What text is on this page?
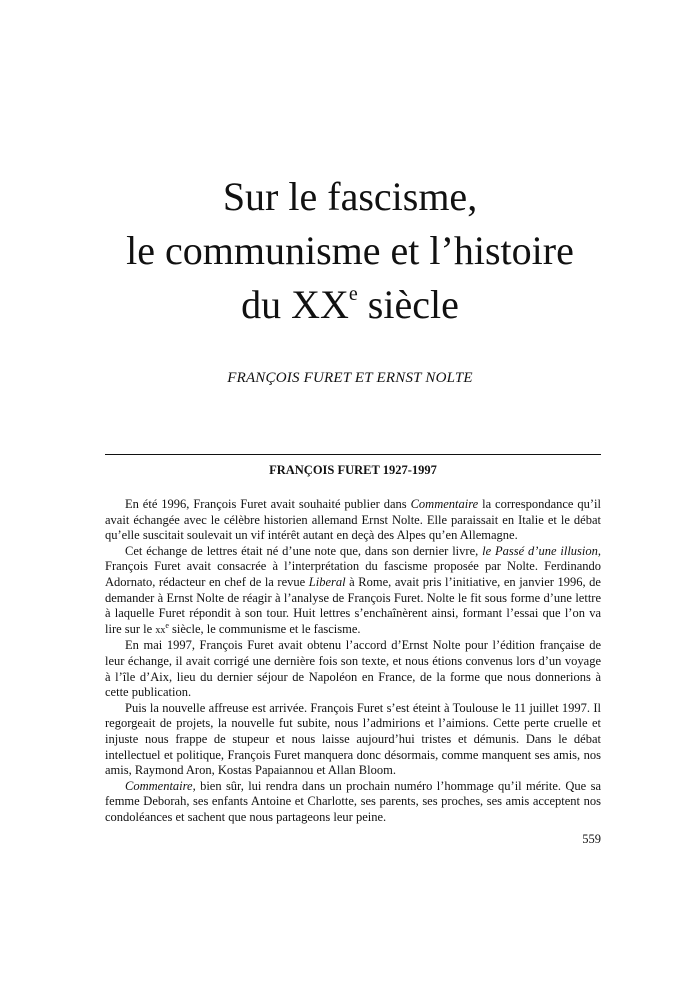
Sur le fascisme,
le communisme et l’histoire
du XXe siècle

FRANÇOIS FURET ET ERNST NOLTE

FRANÇOIS FURET 1927-1997

En été 1996, François Furet avait souhaité publier dans Commentaire la correspondance qu’il avait échangée avec le célèbre historien allemand Ernst Nolte. Elle paraissait en Italie et le débat qu’elle suscitait soulevait un vif intérêt autant en deçà des Alpes qu’en Allemagne.

Cet échange de lettres était né d’une note que, dans son dernier livre, le Passé d’une illusion, François Furet avait consacrée à l’interprétation du fascisme proposée par Nolte. Ferdinando Adornato, rédacteur en chef de la revue Liberal à Rome, avait pris l’initiative, en janvier 1996, de demander à Ernst Nolte de réagir à l’analyse de François Furet. Nolte le fit sous forme d’une lettre à laquelle Furet répondit à son tour. Huit lettres s’enchaînèrent ainsi, formant l’essai que l’on va lire sur le $xx^e$ siècle, le communisme et le fascisme.

En mai 1997, François Furet avait obtenu l’accord d’Ernst Nolte pour l’édition française de leur échange, il avait corrigé une dernière fois son texte, et nous étions convenus lors d’un voyage à l’île d’Aix, lieu du dernier séjour de Napoléon en France, de la forme que nous donnerions à cette publication.

Puis la nouvelle affreuse est arrivée. François Furet s’est éteint à Toulouse le 11 juillet 1997. Il regorgeait de projets, la nouvelle fut subite, nous l’admirions et l’aimions. Cette perte cruelle et injuste nous frappe de stupeur et nous laisse aujourd’hui tristes et démunis. Dans le débat intellectuel et politique, François Furet manquera donc désormais, comme manquent ses amis, nos amis, Raymond Aron, Kostas Papaiannou et Allan Bloom.

Commentaire, bien sûr, lui rendra dans un prochain numéro l’hommage qu’il mérite. Que sa femme Deborah, ses enfants Antoine et Charlotte, ses parents, ses proches, ses amis acceptent nos condoléances et sachent que nous partageons leur peine.

559
